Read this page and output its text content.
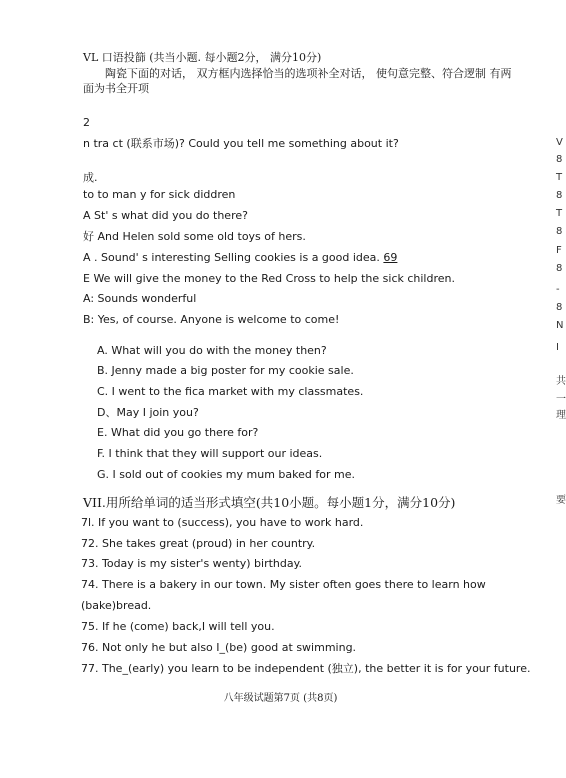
VL 口语投篩 (共当小题. 每小题2分， 满分10分)
陶瓷下面的对话， 双方框内选择恰当的选项补全对话， 使句意完整、符合逻制 有两
面为书全开项
2
n tra ct (联系市场)? Could you tell me something about it?
成.
to to man y for sick diddren
A St' s what did you do there?
好 And Helen sold some old toys of hers.
A . Sound' s interesting Selling cookies is a good idea. 69
E We will give the money to the Red Cross to help the sick children.
A: Sounds wonderful
B: Yes, of course. Anyone is welcome to come!
A. What will you do with the money then?
B. Jenny made a big poster for my cookie sale.
C. I went to the fica market with my classmates.
D、May I join you?
E. What did you go there for?
F. I think that they will support our ideas.
G. I sold out of cookies my mum baked for me.
VII.用所给单词的适当形式填空(共10小题。每小题1分，满分10分)
7l. If you want to (success), you have to work hard.
72. She takes great (proud) in her country.
73. Today is my sister's wenty) birthday.
74. There is a bakery in our town. My sister often goes there to learn how
(bake)bread.
75. If he (come) back,I will tell you.
76. Not only he but also I_(be) good at swimming.
77. The_(early) you learn to be independent (独立), the better it is for your future.
八年级试题第7页 (共8页)
V
8
T
8
T
8
F
8
-
8
N
I
共
一
理
要
